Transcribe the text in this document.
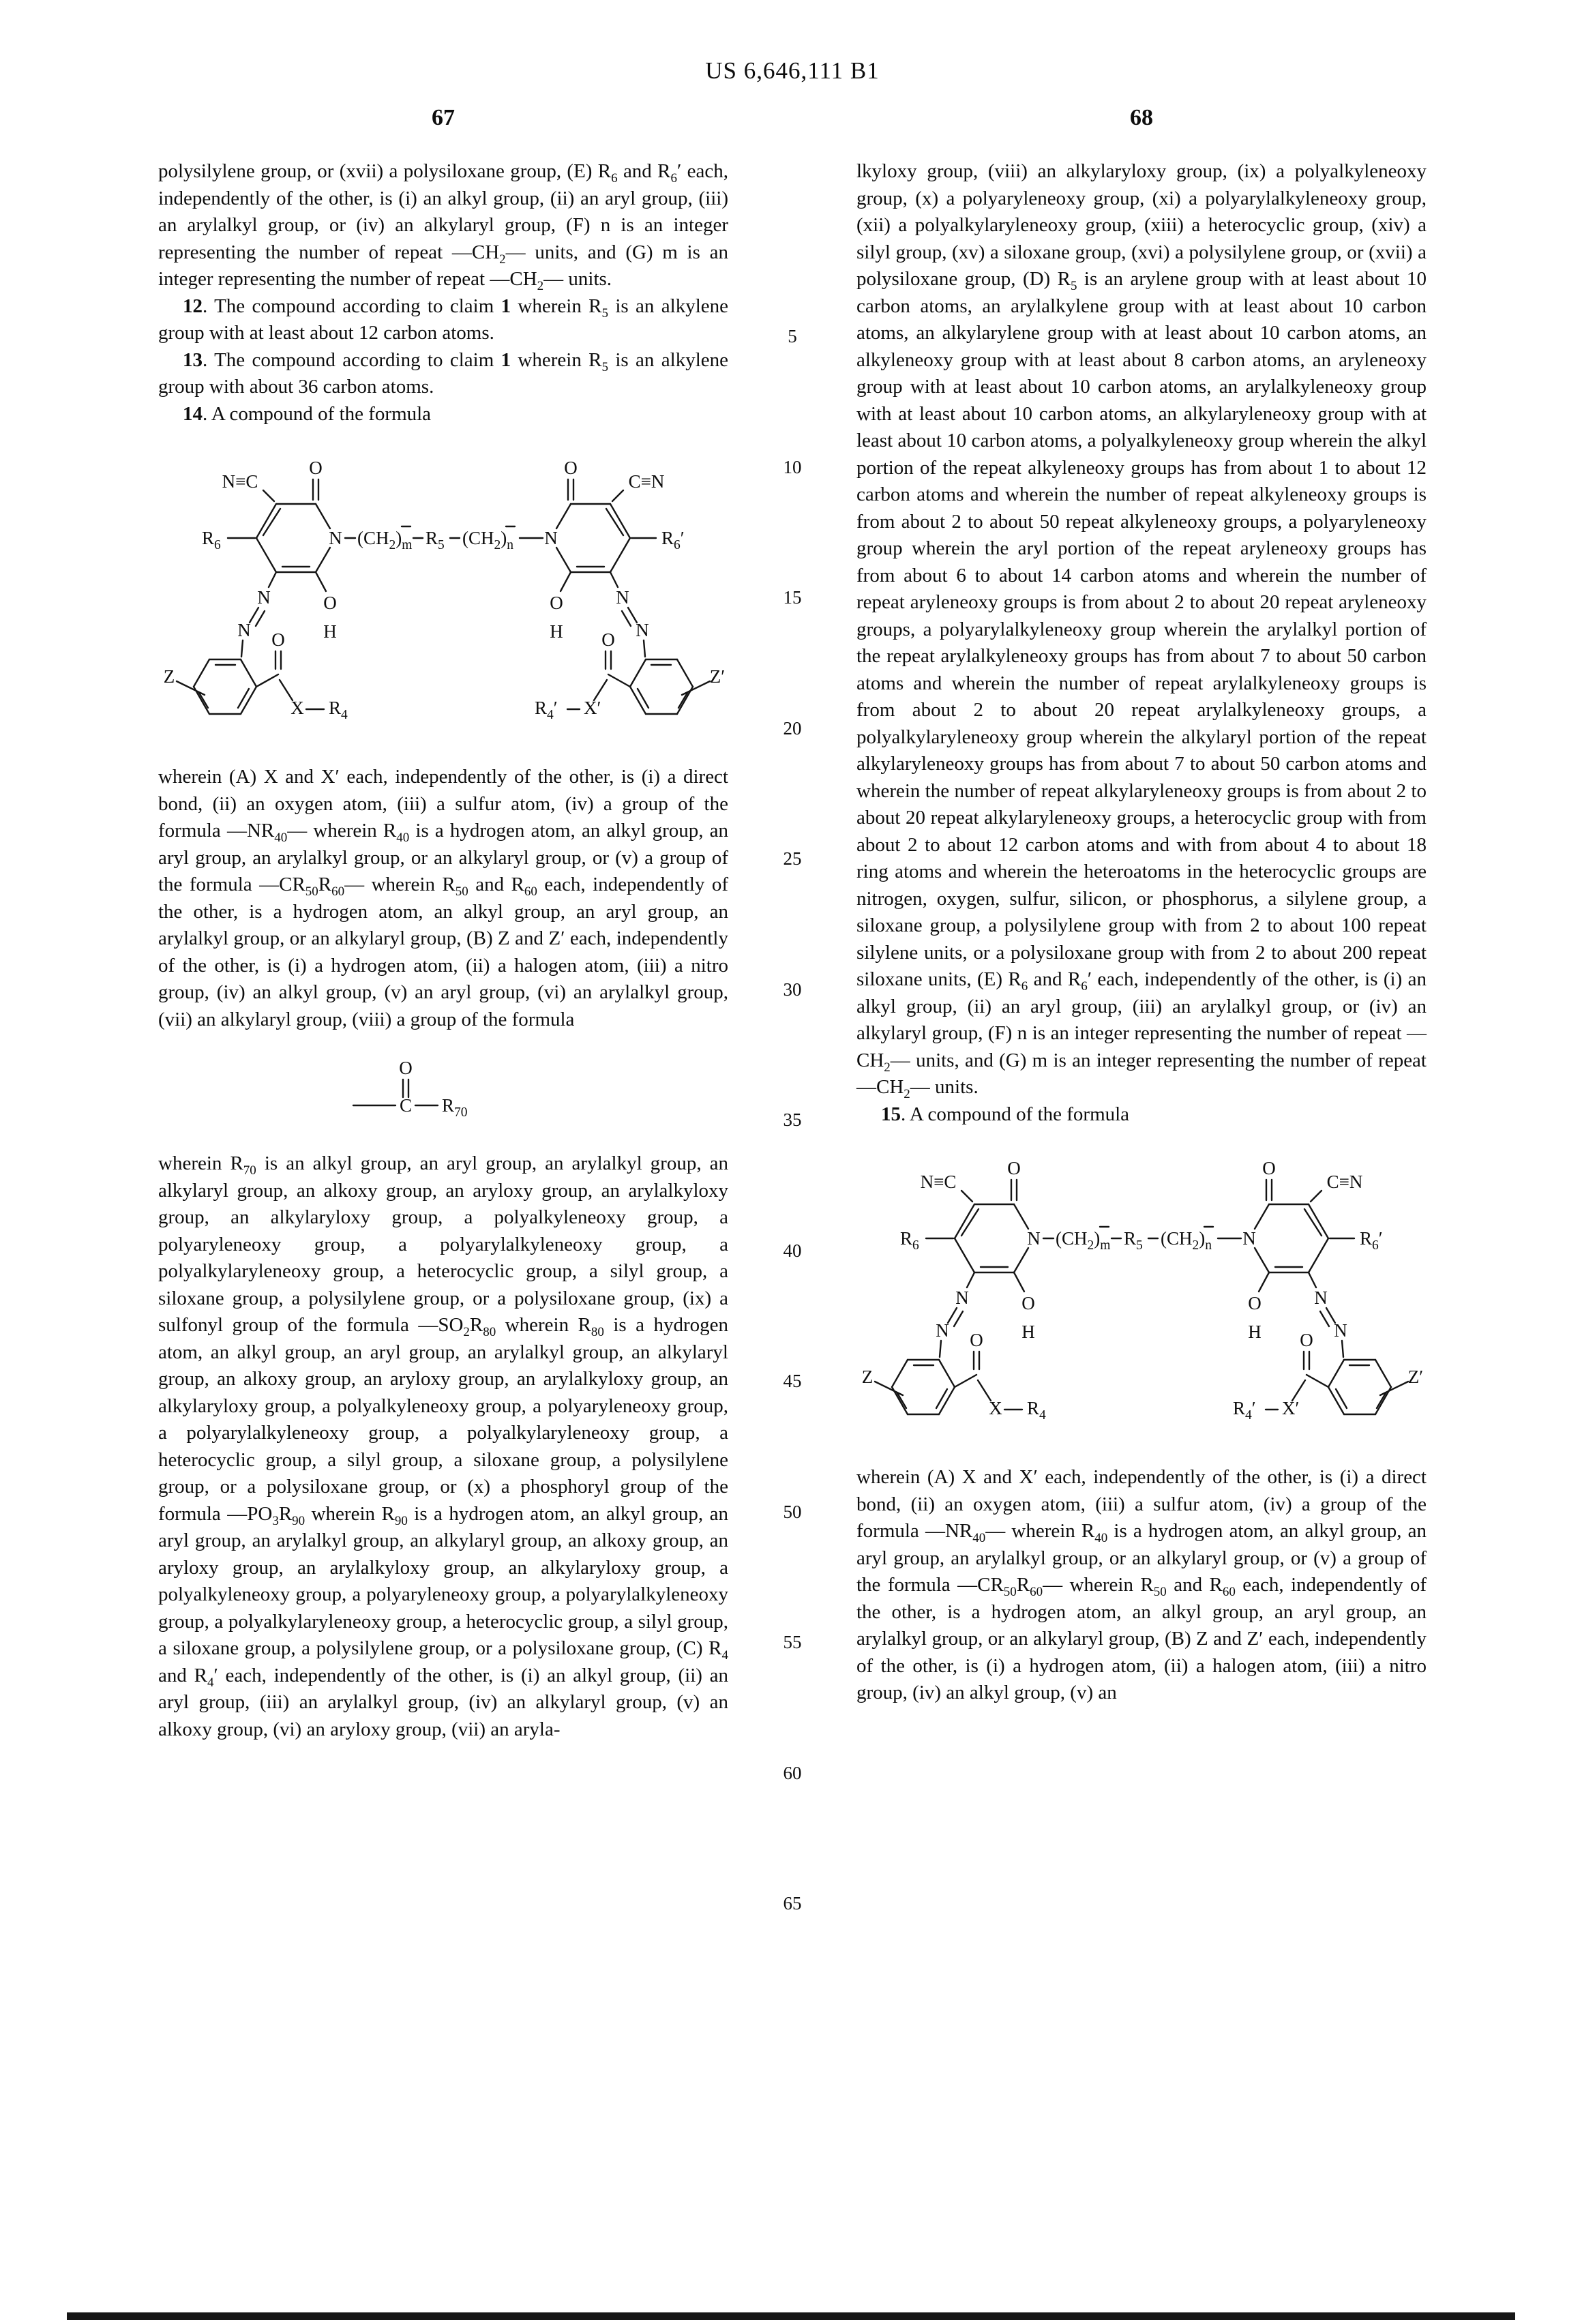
US 6,646,111 B1
67

polysilylene group, or (xvii) a polysiloxane group, (E) $R_6$ and $R_6'$ each, independently of the other, is (i) an alkyl group, (ii) an aryl group, (iii) an arylalkyl group, or (iv) an alkylaryl group, (F) n is an integer representing the number of repeat $—CH_2—$ units, and (G) m is an integer representing the number of repeat $—CH_2—$ units.

12. The compound according to claim 1 wherein $R_5$ is an alkylene group with at least about 12 carbon atoms.

13. The compound according to claim 1 wherein $R_5$ is an alkylene group with about 36 carbon atoms.

14. A compound of the formula

N≡C
O
$R_6$	N
O
H
N
N
Z
O
X $R_4$
$(CH_2)_m$ $R_5$ $(CH_2)_n$
O
C≡N
N	$R_6'$
O
H
N
N
Z′
O
$R_4'$ X′

wherein (A) X and X′ each, independently of the other, is (i) a direct bond, (ii) an oxygen atom, (iii) a sulfur atom, (iv) a group of the formula $—NR_{40}—$ wherein $R_{40}$ is a hydrogen atom, an alkyl group, an aryl group, an arylalkyl group, or an alkylaryl group, or (v) a group of the formula $—CR_{50}R_{60}—$ wherein $R_{50}$ and $R_{60}$ each, independently of the other, is a hydrogen atom, an alkyl group, an aryl group, an arylalkyl group, or an alkylaryl group, (B) Z and Z′ each, independently of the other, is (i) a hydrogen atom, (ii) a halogen atom, (iii) a nitro group, (iv) an alkyl group, (v) an aryl group, (vi) an arylalkyl group, (vii) an alkylaryl group, (viii) a group of the formula

C
O
$R_{70}$

wherein $R_{70}$ is an alkyl group, an aryl group, an arylalkyl group, an alkylaryl group, an alkoxy group, an aryloxy group, an arylalkyloxy group, an alkylaryloxy group, a polyalkyleneoxy group, a polyaryleneoxy group, a polyarylalkyleneoxy group, a polyalkylaryleneoxy group, a heterocyclic group, a silyl group, a siloxane group, a polysilylene group, or a polysiloxane group, (ix) a sulfonyl group of the formula $—SO_2R_{80}$ wherein $R_{80}$ is a hydrogen atom, an alkyl group, an aryl group, an arylalkyl group, an alkylaryl group, an alkoxy group, an aryloxy group, an arylalkyloxy group, an alkylaryloxy group, a polyalkyleneoxy group, a polyaryleneoxy group, a polyarylalkyleneoxy group, a polyalkylaryleneoxy group, a heterocyclic group, a silyl group, a siloxane group, a polysilylene group, or a polysiloxane group, or (x) a phosphoryl group of the formula $—PO_3R_{90}$ wherein $R_{90}$ is a hydrogen atom, an alkyl group, an aryl group, an arylalkyl group, an alkylaryl group, an alkoxy group, an aryloxy group, an arylalkyloxy group, an alkylaryloxy group, a polyalkyleneoxy group, a polyaryleneoxy group, a polyarylalkyleneoxy group, a polyalkylaryleneoxy group, a heterocyclic group, a silyl group, a siloxane group, a polysilylene group, or a polysiloxane group, (C) $R_4$ and $R_4'$ each, independently of the other, is (i) an alkyl group, (ii) an aryl group, (iii) an arylalkyl group, (iv) an alkylaryl group, (v) an alkoxy group, (vi) an aryloxy group, (vii) an aryla-

5
10
15
20
25
30
35
40
45
50
55
60
65
68

lkyloxy group, (viii) an alkylaryloxy group, (ix) a polyalkyleneoxy group, (x) a polyaryleneoxy group, (xi) a polyarylalkyleneoxy group, (xii) a polyalkylaryleneoxy group, (xiii) a heterocyclic group, (xiv) a silyl group, (xv) a siloxane group, (xvi) a polysilylene group, or (xvii) a polysiloxane group, (D) $R_5$ is an arylene group with at least about 10 carbon atoms, an arylalkylene group with at least about 10 carbon atoms, an alkylarylene group with at least about 10 carbon atoms, an alkyleneoxy group with at least about 8 carbon atoms, an aryleneoxy group with at least about 10 carbon atoms, an arylalkyleneoxy group with at least about 10 carbon atoms, an alkylaryleneoxy group with at least about 10 carbon atoms, a polyalkyleneoxy group wherein the alkyl portion of the repeat alkyleneoxy groups has from about 1 to about 12 carbon atoms and wherein the number of repeat alkyleneoxy groups is from about 2 to about 50 repeat alkyleneoxy groups, a polyaryleneoxy group wherein the aryl portion of the repeat aryleneoxy groups has from about 6 to about 14 carbon atoms and wherein the number of repeat aryleneoxy groups is from about 2 to about 20 repeat aryleneoxy groups, a polyarylalkyleneoxy group wherein the arylalkyl portion of the repeat arylalkyleneoxy groups has from about 7 to about 50 carbon atoms and wherein the number of repeat arylalkyleneoxy groups is from about 2 to about 20 repeat arylalkyleneoxy groups, a polyalkylaryleneoxy group wherein the alkylaryl portion of the repeat alkylaryleneoxy groups has from about 7 to about 50 carbon atoms and wherein the number of repeat alkylaryleneoxy groups is from about 2 to about 20 repeat alkylaryleneoxy groups, a heterocyclic group with from about 2 to about 12 carbon atoms and with from about 4 to about 18 ring atoms and wherein the heteroatoms in the heterocyclic groups are nitrogen, oxygen, sulfur, silicon, or phosphorus, a silylene group, a siloxane group, a polysilylene group with from 2 to about 100 repeat silylene units, or a polysiloxane group with from 2 to about 200 repeat siloxane units, (E) $R_6$ and $R_6'$ each, independently of the other, is (i) an alkyl group, (ii) an aryl group, (iii) an arylalkyl group, or (iv) an alkylaryl group, (F) n is an integer representing the number of repeat $—CH_2—$ units, and (G) m is an integer representing the number of repeat $—CH_2—$ units.

15. A compound of the formula

N≡C
O
$R_6$	N
O
H
N
N
Z
O
X $R_4$
$(CH_2)_m$ $R_5$ $(CH_2)_n$
O
C≡N
N	$R_6'$
O
H
N
N
Z′
O
$R_4'$ X′

wherein (A) X and X′ each, independently of the other, is (i) a direct bond, (ii) an oxygen atom, (iii) a sulfur atom, (iv) a group of the formula $—NR_{40}—$ wherein $R_{40}$ is a hydrogen atom, an alkyl group, an aryl group, an arylalkyl group, or an alkylaryl group, or (v) a group of the formula $—CR_{50}R_{60}—$ wherein $R_{50}$ and $R_{60}$ each, independently of the other, is a hydrogen atom, an alkyl group, an aryl group, an arylalkyl group, or an alkylaryl group, (B) Z and Z′ each, independently of the other, is (i) a hydrogen atom, (ii) a halogen atom, (iii) a nitro group, (iv) an alkyl group, (v) an
